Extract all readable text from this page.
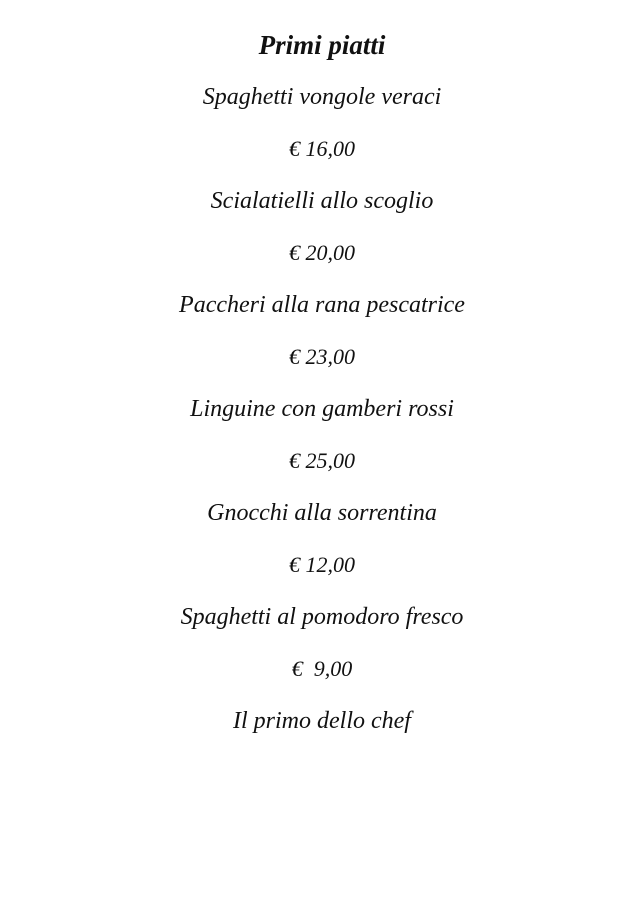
Primi piatti
Spaghetti vongole veraci
€ 16,00
Scialatielli allo scoglio
€ 20,00
Paccheri alla rana pescatrice
€ 23,00
Linguine con gamberi rossi
€ 25,00
Gnocchi alla sorrentina
€ 12,00
Spaghetti al pomodoro fresco
€  9,00
Il primo dello chef
